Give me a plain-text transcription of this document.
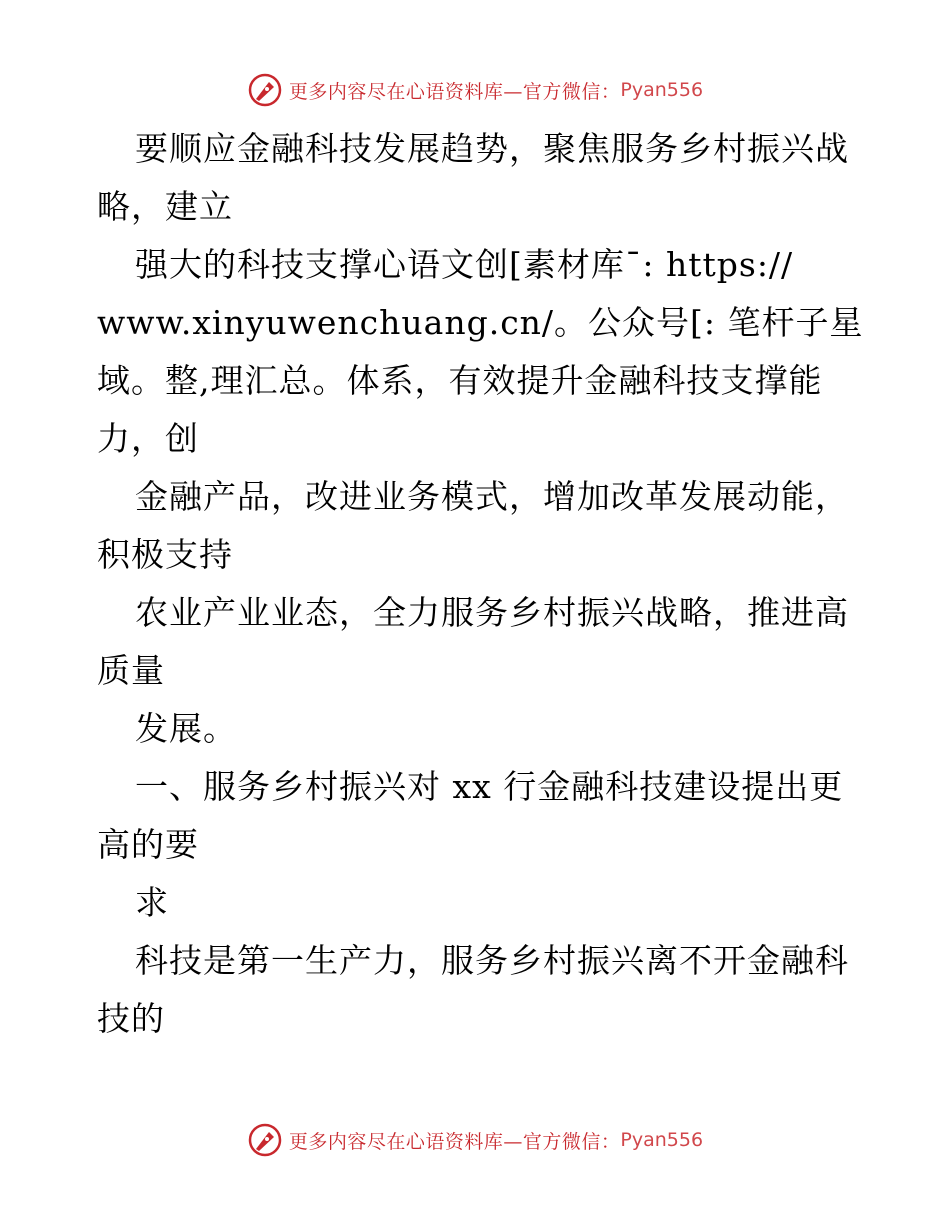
更多内容尽在心语资料库—官方微信： Pyan556
要顺应金融科技发展趋势，聚焦服务乡村振兴战
略，建立
强大的科技支撑心语文创[素材库¯: https://
www.xinyuwenchuang.cn/。公众号[: 笔杆子星
域。整,理汇总。体系，有效提升金融科技支撑能
力，创
金融产品，改进业务模式，增加改革发展动能，
积极支持
农业产业业态，全力服务乡村振兴战略，推进高
质量
发展。
一、服务乡村振兴对 xx 行金融科技建设提出更
高的要
求
科技是第一生产力，服务乡村振兴离不开金融科
技的
更多内容尽在心语资料库—官方微信： Pyan556
